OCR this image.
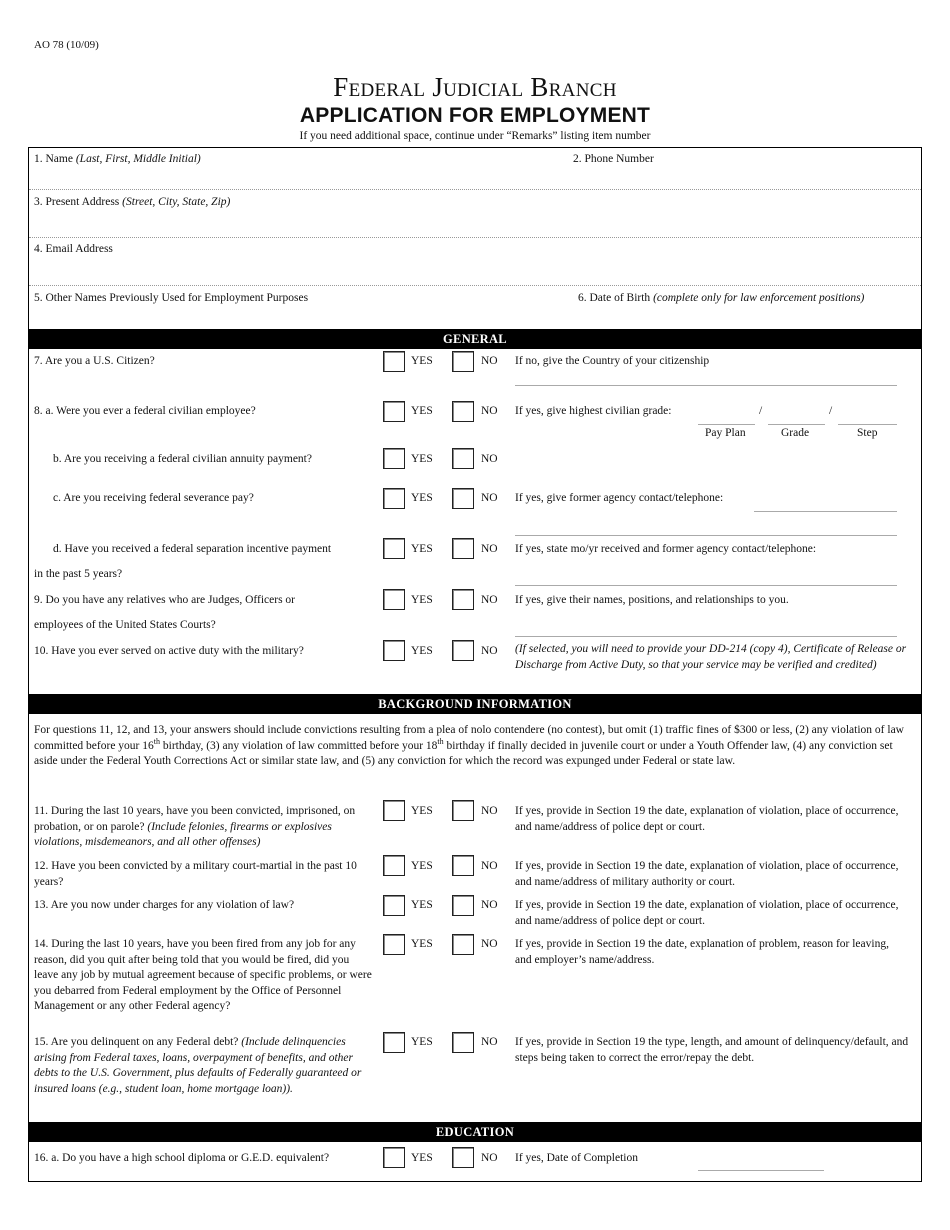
AO 78 (10/09)
Federal Judicial Branch
APPLICATION FOR EMPLOYMENT
If you need additional space, continue under “Remarks” listing item number
1. Name (Last, First, Middle Initial)	2. Phone Number
3. Present Address (Street, City, State, Zip)
4. Email Address
5. Other Names Previously Used for Employment Purposes	6. Date of Birth (complete only for law enforcement positions)
GENERAL
7. Are you a U.S. Citizen?	YES	NO If no, give the Country of your citizenship
8. a. Were you ever a federal civilian employee?	YES	NO If yes, give highest civilian grade:	/	/
Pay Plan	Grade	Step
b. Are you receiving a federal civilian annuity payment?	YES	NO
c. Are you receiving federal severance pay?	YES	NO If yes, give former agency contact/telephone:
d. Have you received a federal separation incentive payment
in the past 5 years?
YES	NO If yes, state mo/yr received and former agency contact/telephone:
9. Do you have any relatives who are Judges, Officers or
employees of the United States Courts?
YES	NO If yes, give their names, positions, and relationships to you.
10. Have you ever served on active duty with the military?	YES	NO (If selected, you will need to provide your DD-214 (copy 4), Certificate of Release or Discharge from Active Duty, so that your service may be verified and credited)
BACKGROUND INFORMATION
For questions 11, 12, and 13, your answers should include convictions resulting from a plea of nolo contendere (no contest), but omit (1) traffic fines of $300 or less, (2) any violation of law committed before your 16th birthday, (3) any violation of law committed before your 18th birthday if finally decided in juvenile court or under a Youth Offender law, (4) any conviction set aside under the Federal Youth Corrections Act or similar state law, and (5) any conviction for which the record was expunged under Federal or state law.
11. During the last 10 years, have you been convicted, imprisoned, on probation, or on parole? (Include felonies, firearms or explosives violations, misdemeanors, and all other offenses)
YES	NO If yes, provide in Section 19 the date, explanation of violation, place of occurrence, and name/address of police dept or court.
12. Have you been convicted by a military court-martial in the past 10 years?
YES	NO If yes, provide in Section 19 the date, explanation of violation, place of occurrence, and name/address of military authority or court.
13. Are you now under charges for any violation of law?	YES	NO If yes, provide in Section 19 the date, explanation of violation, place of occurrence, and name/address of police dept or court.
14. During the last 10 years, have you been fired from any job for any reason, did you quit after being told that you would be fired, did you leave any job by mutual agreement because of specific problems, or were you debarred from Federal employment by the Office of Personnel Management or any other Federal agency?
YES	NO If yes, provide in Section 19 the date, explanation of problem, reason for leaving, and employer’s name/address.
15. Are you delinquent on any Federal debt? (Include delinquencies arising from Federal taxes, loans, overpayment of benefits, and other debts to the U.S. Government, plus defaults of Federally guaranteed or insured loans (e.g., student loan, home mortgage loan)).
YES	NO If yes, provide in Section 19 the type, length, and amount of delinquency/default, and steps being taken to correct the error/repay the debt.
EDUCATION
16. a. Do you have a high school diploma or G.E.D. equivalent?	YES	NO If yes, Date of Completion
